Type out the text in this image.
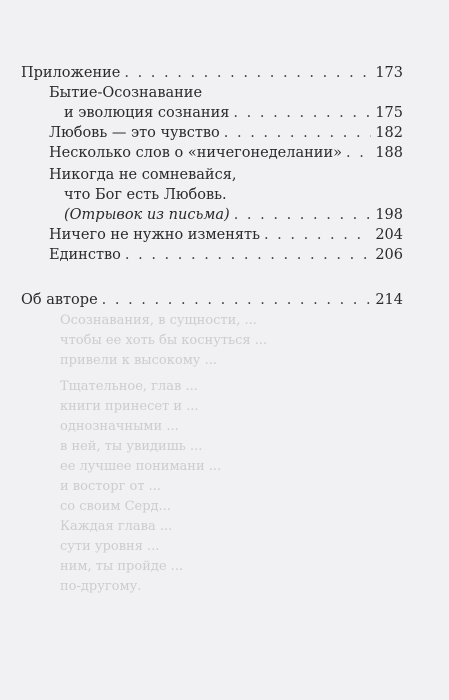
Осознавания, в сущности, ...
чтобы ее хоть бы коснуться ...
привели к высокому ...
Тщательное, глав ...
книги принесет и ...
однозначными ...
в ней, ты увидишь ...
ее лучшее понимани ...
и восторг от ...
со своим Серд...
Каждая глава ...
сути уровня ...
ним, ты пройде ...
по-другому.
Приложение . . .	173
Бытие-Осознавание
и эволюция сознания . . .	175
Любовь — это чувство . . .	182
Несколько слов о «ничегонеделании» . . . 188
Никогда не сомневайся,
что Бог есть Любовь.
(Отрывок из письма) . . .	198
Ничего не нужно изменять . . .	204
Единство . . .	206
Об авторе . . .	214
